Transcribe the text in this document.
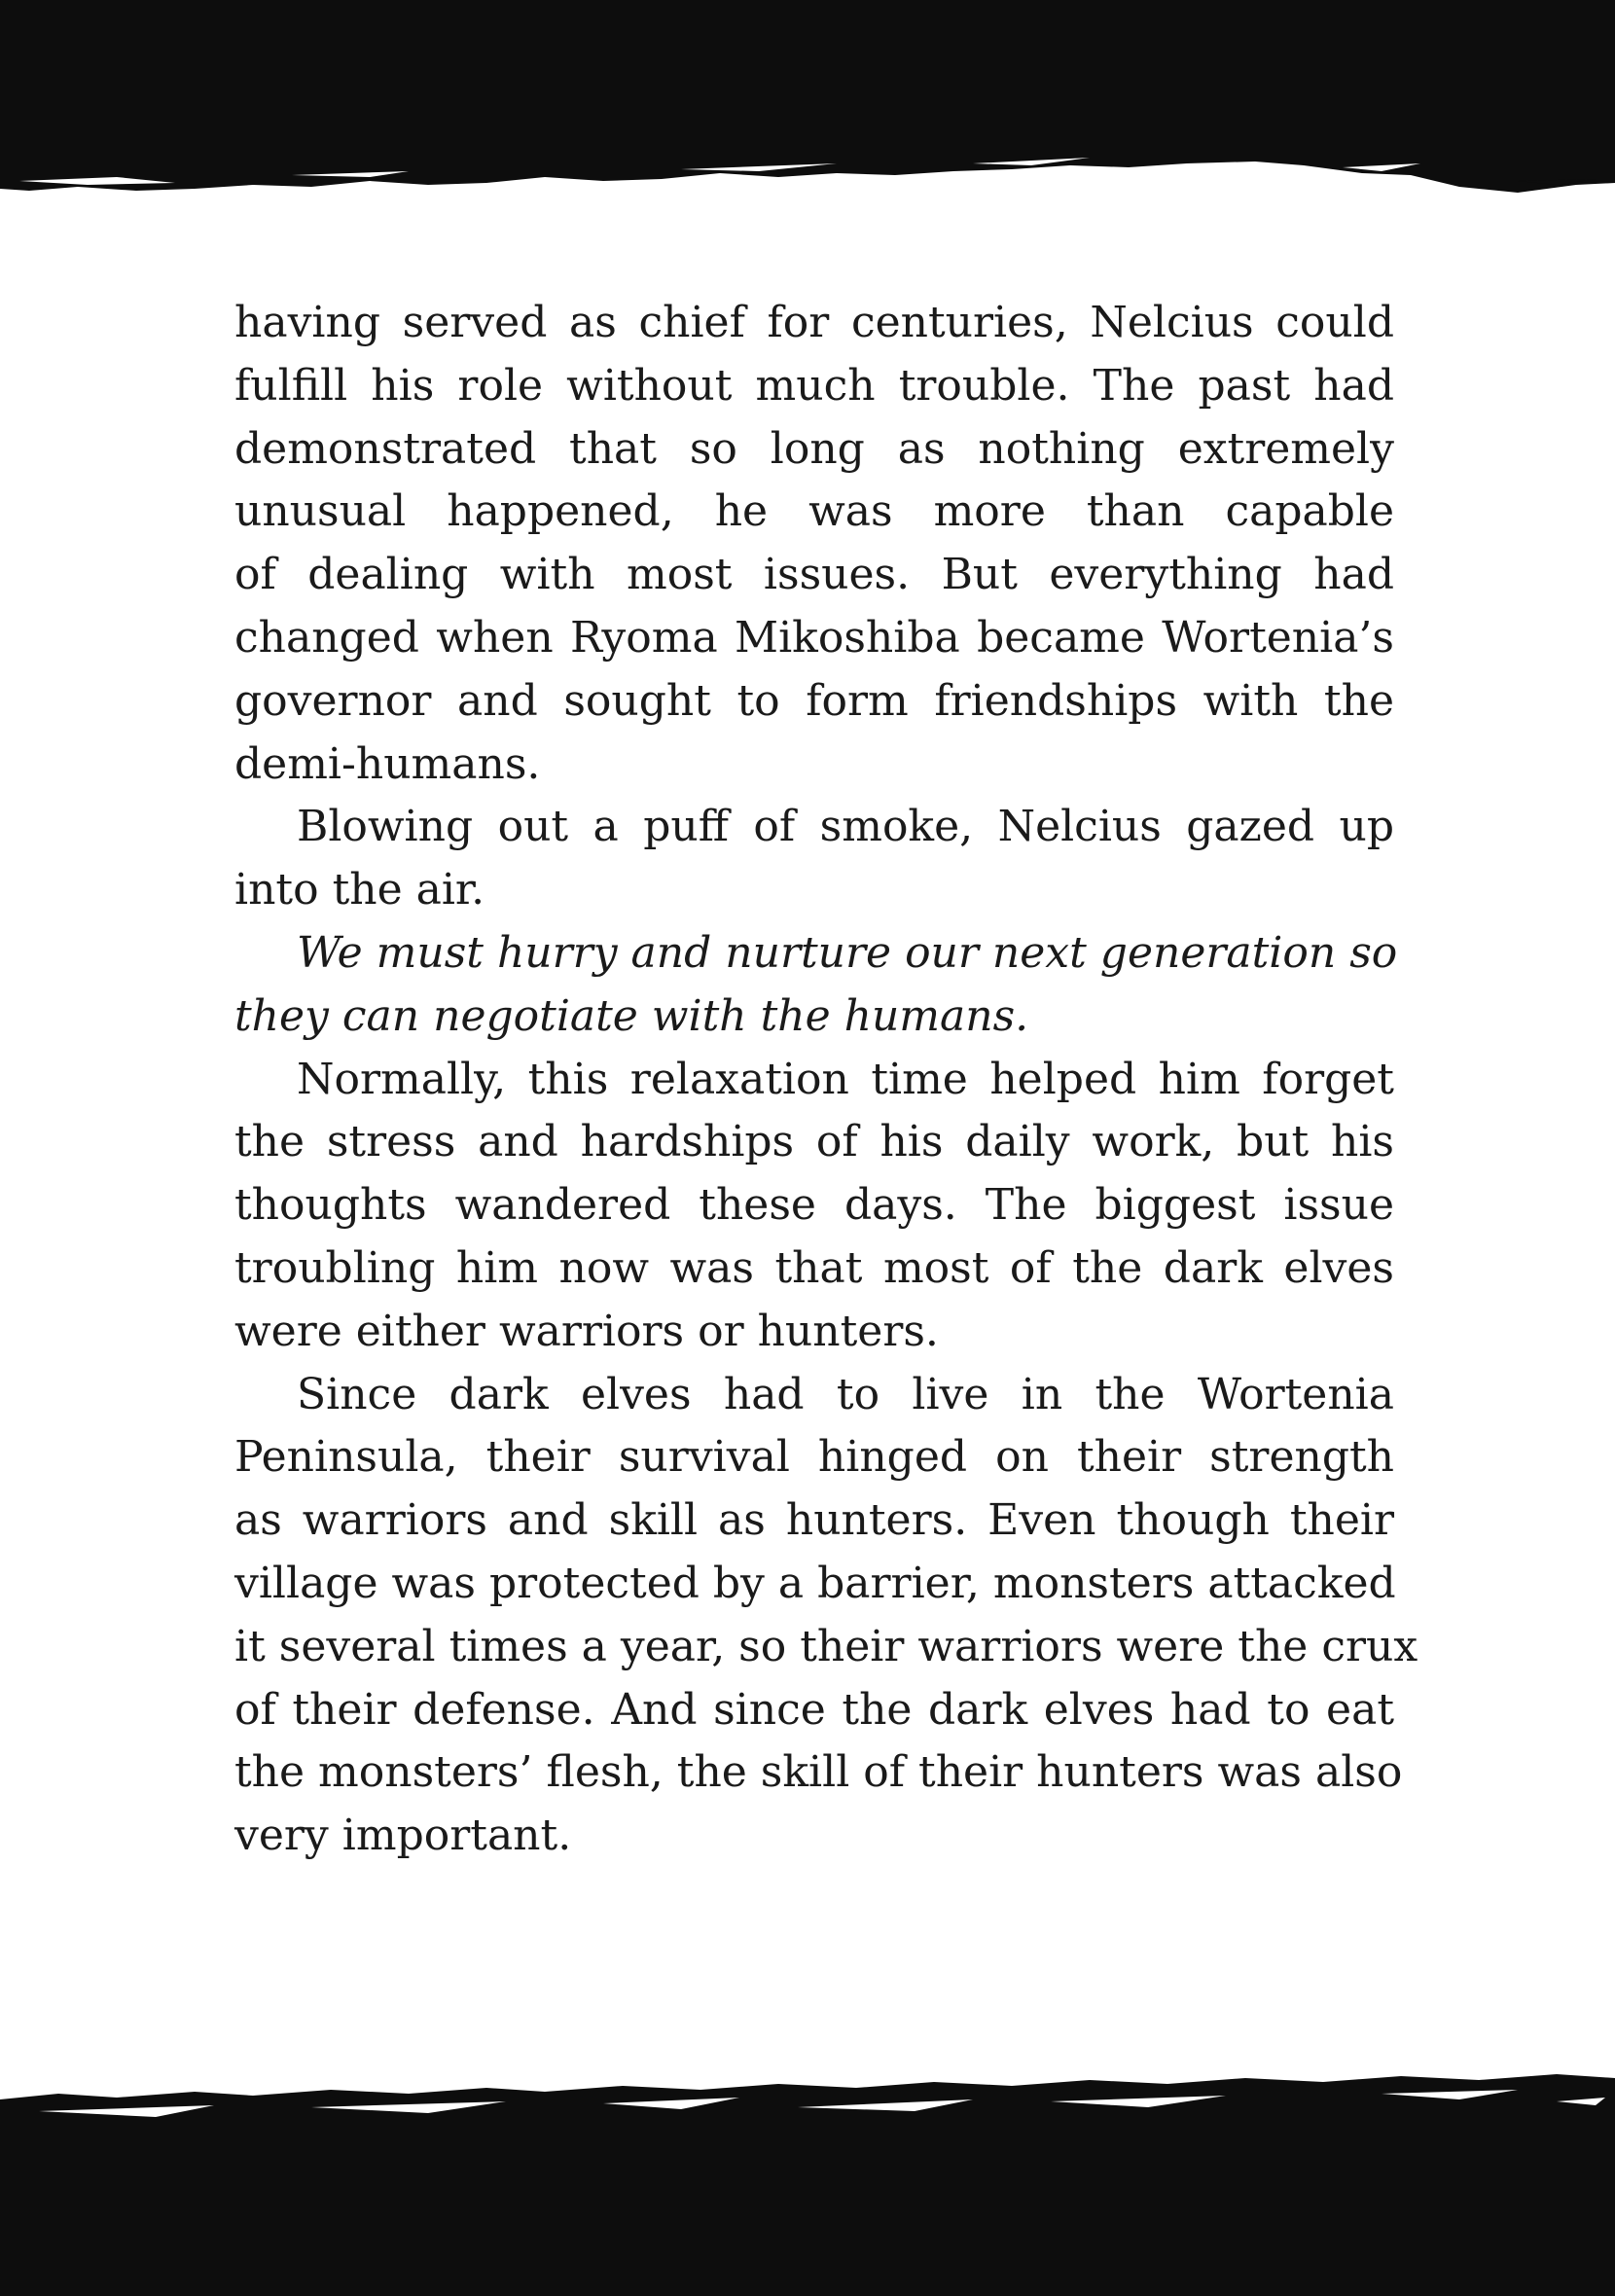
having served as chief for centuries, Nelcius could
fulfill his role without much trouble. The past had
demonstrated that so long as nothing extremely
unusual happened, he was more than capable
of dealing with most issues. But everything had
changed when Ryoma Mikoshiba became Wortenia’s
governor and sought to form friendships with the
demi-humans.
Blowing out a puff of smoke, Nelcius gazed up
into the air.
We must hurry and nurture our next generation so
they can negotiate with the humans.
Normally, this relaxation time helped him forget
the stress and hardships of his daily work, but his
thoughts wandered these days. The biggest issue
troubling him now was that most of the dark elves
were either warriors or hunters.
Since dark elves had to live in the Wortenia
Peninsula, their survival hinged on their strength
as warriors and skill as hunters. Even though their
village was protected by a barrier, monsters attacked
it several times a year, so their warriors were the crux
of their defense. And since the dark elves had to eat
the monsters’ flesh, the skill of their hunters was also
very important.
